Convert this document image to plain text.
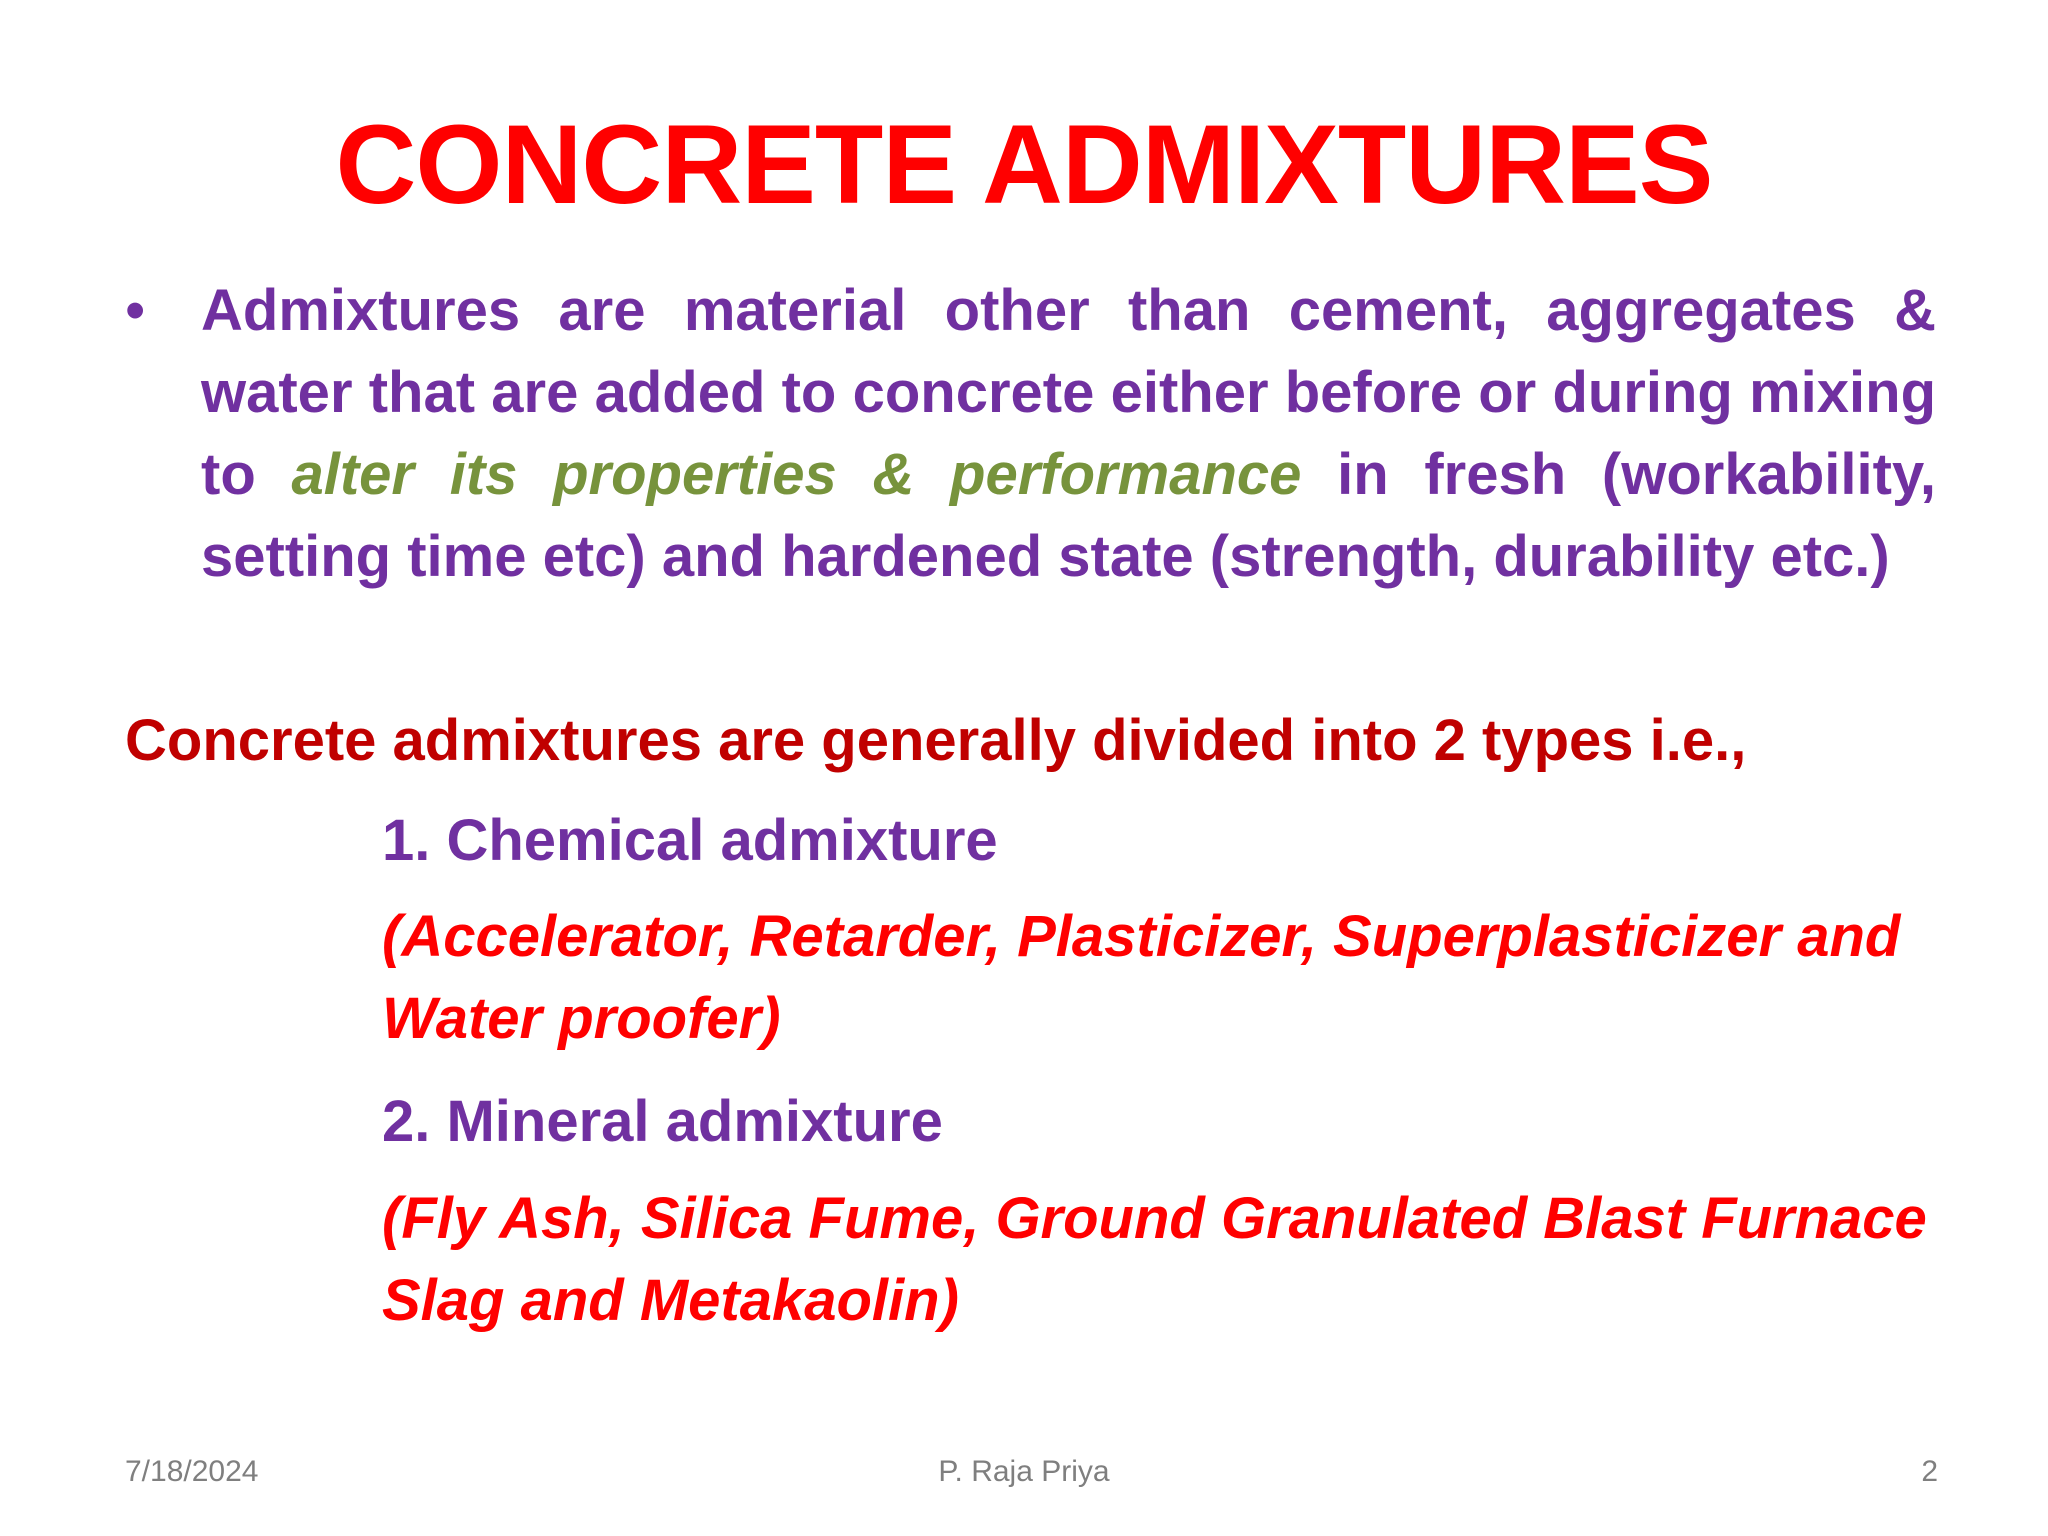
CONCRETE ADMIXTURES
• Admixtures are material other than cement, aggregates & water that are added to concrete either before or during mixing to alter its properties & performance in fresh (workability, setting time etc) and hardened state (strength, durability etc.)
Concrete admixtures are generally divided into 2 types i.e.,
1. Chemical admixture
(Accelerator, Retarder, Plasticizer, Superplasticizer and Water proofer)
2. Mineral admixture
(Fly Ash, Silica Fume, Ground Granulated Blast Furnace Slag and Metakaolin)
7/18/2024	P. Raja Priya	2
